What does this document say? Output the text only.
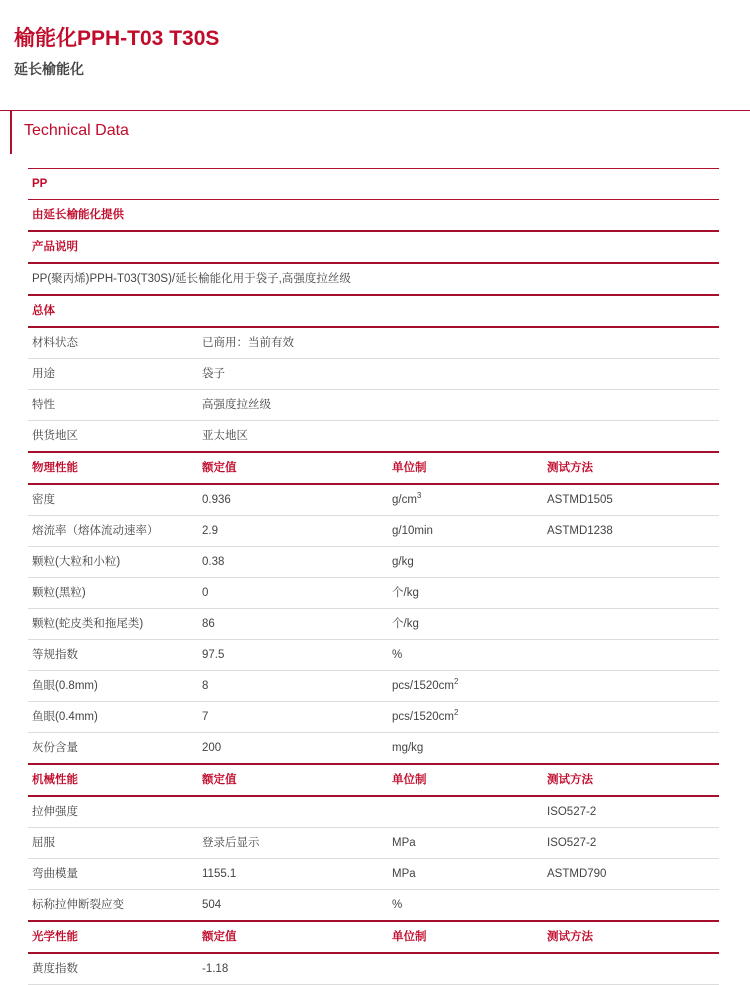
榆能化PPH-T03 T30S
延长榆能化
Technical Data
PP			
由延长榆能化提供			
产品说明			
PP(聚丙烯)PPH-T03(T30S)/延长榆能化用于袋子,高强度拉丝级			
总体			
材料状态	已商用：当前有效		
用途	袋子		
特性	高强度拉丝级		
供货地区	亚太地区		
物理性能	额定值	单位制	测试方法
密度	0.936	$g/cm^3$	ASTMD1505
熔流率（熔体流动速率）	2.9	g/10min	ASTMD1238
颗粒(大粒和小粒)	0.38	g/kg	
颗粒(黑粒)	0	个/kg	
颗粒(蛇皮类和拖尾类)	86	个/kg	
等规指数	97.5	%	
鱼眼(0.8mm)	8	pcs/$1520cm^2$	
鱼眼(0.4mm)	7	pcs/$1520cm^2$	
灰份含量	200	mg/kg	
机械性能	额定值	单位制	测试方法
拉伸强度			ISO527-2
屈服	登录后显示	MPa	ISO527-2
弯曲模量	1155.1	MPa	ASTMD790
标称拉伸断裂应变	504	%	
光学性能	额定值	单位制	测试方法
黄度指数	-1.18		
